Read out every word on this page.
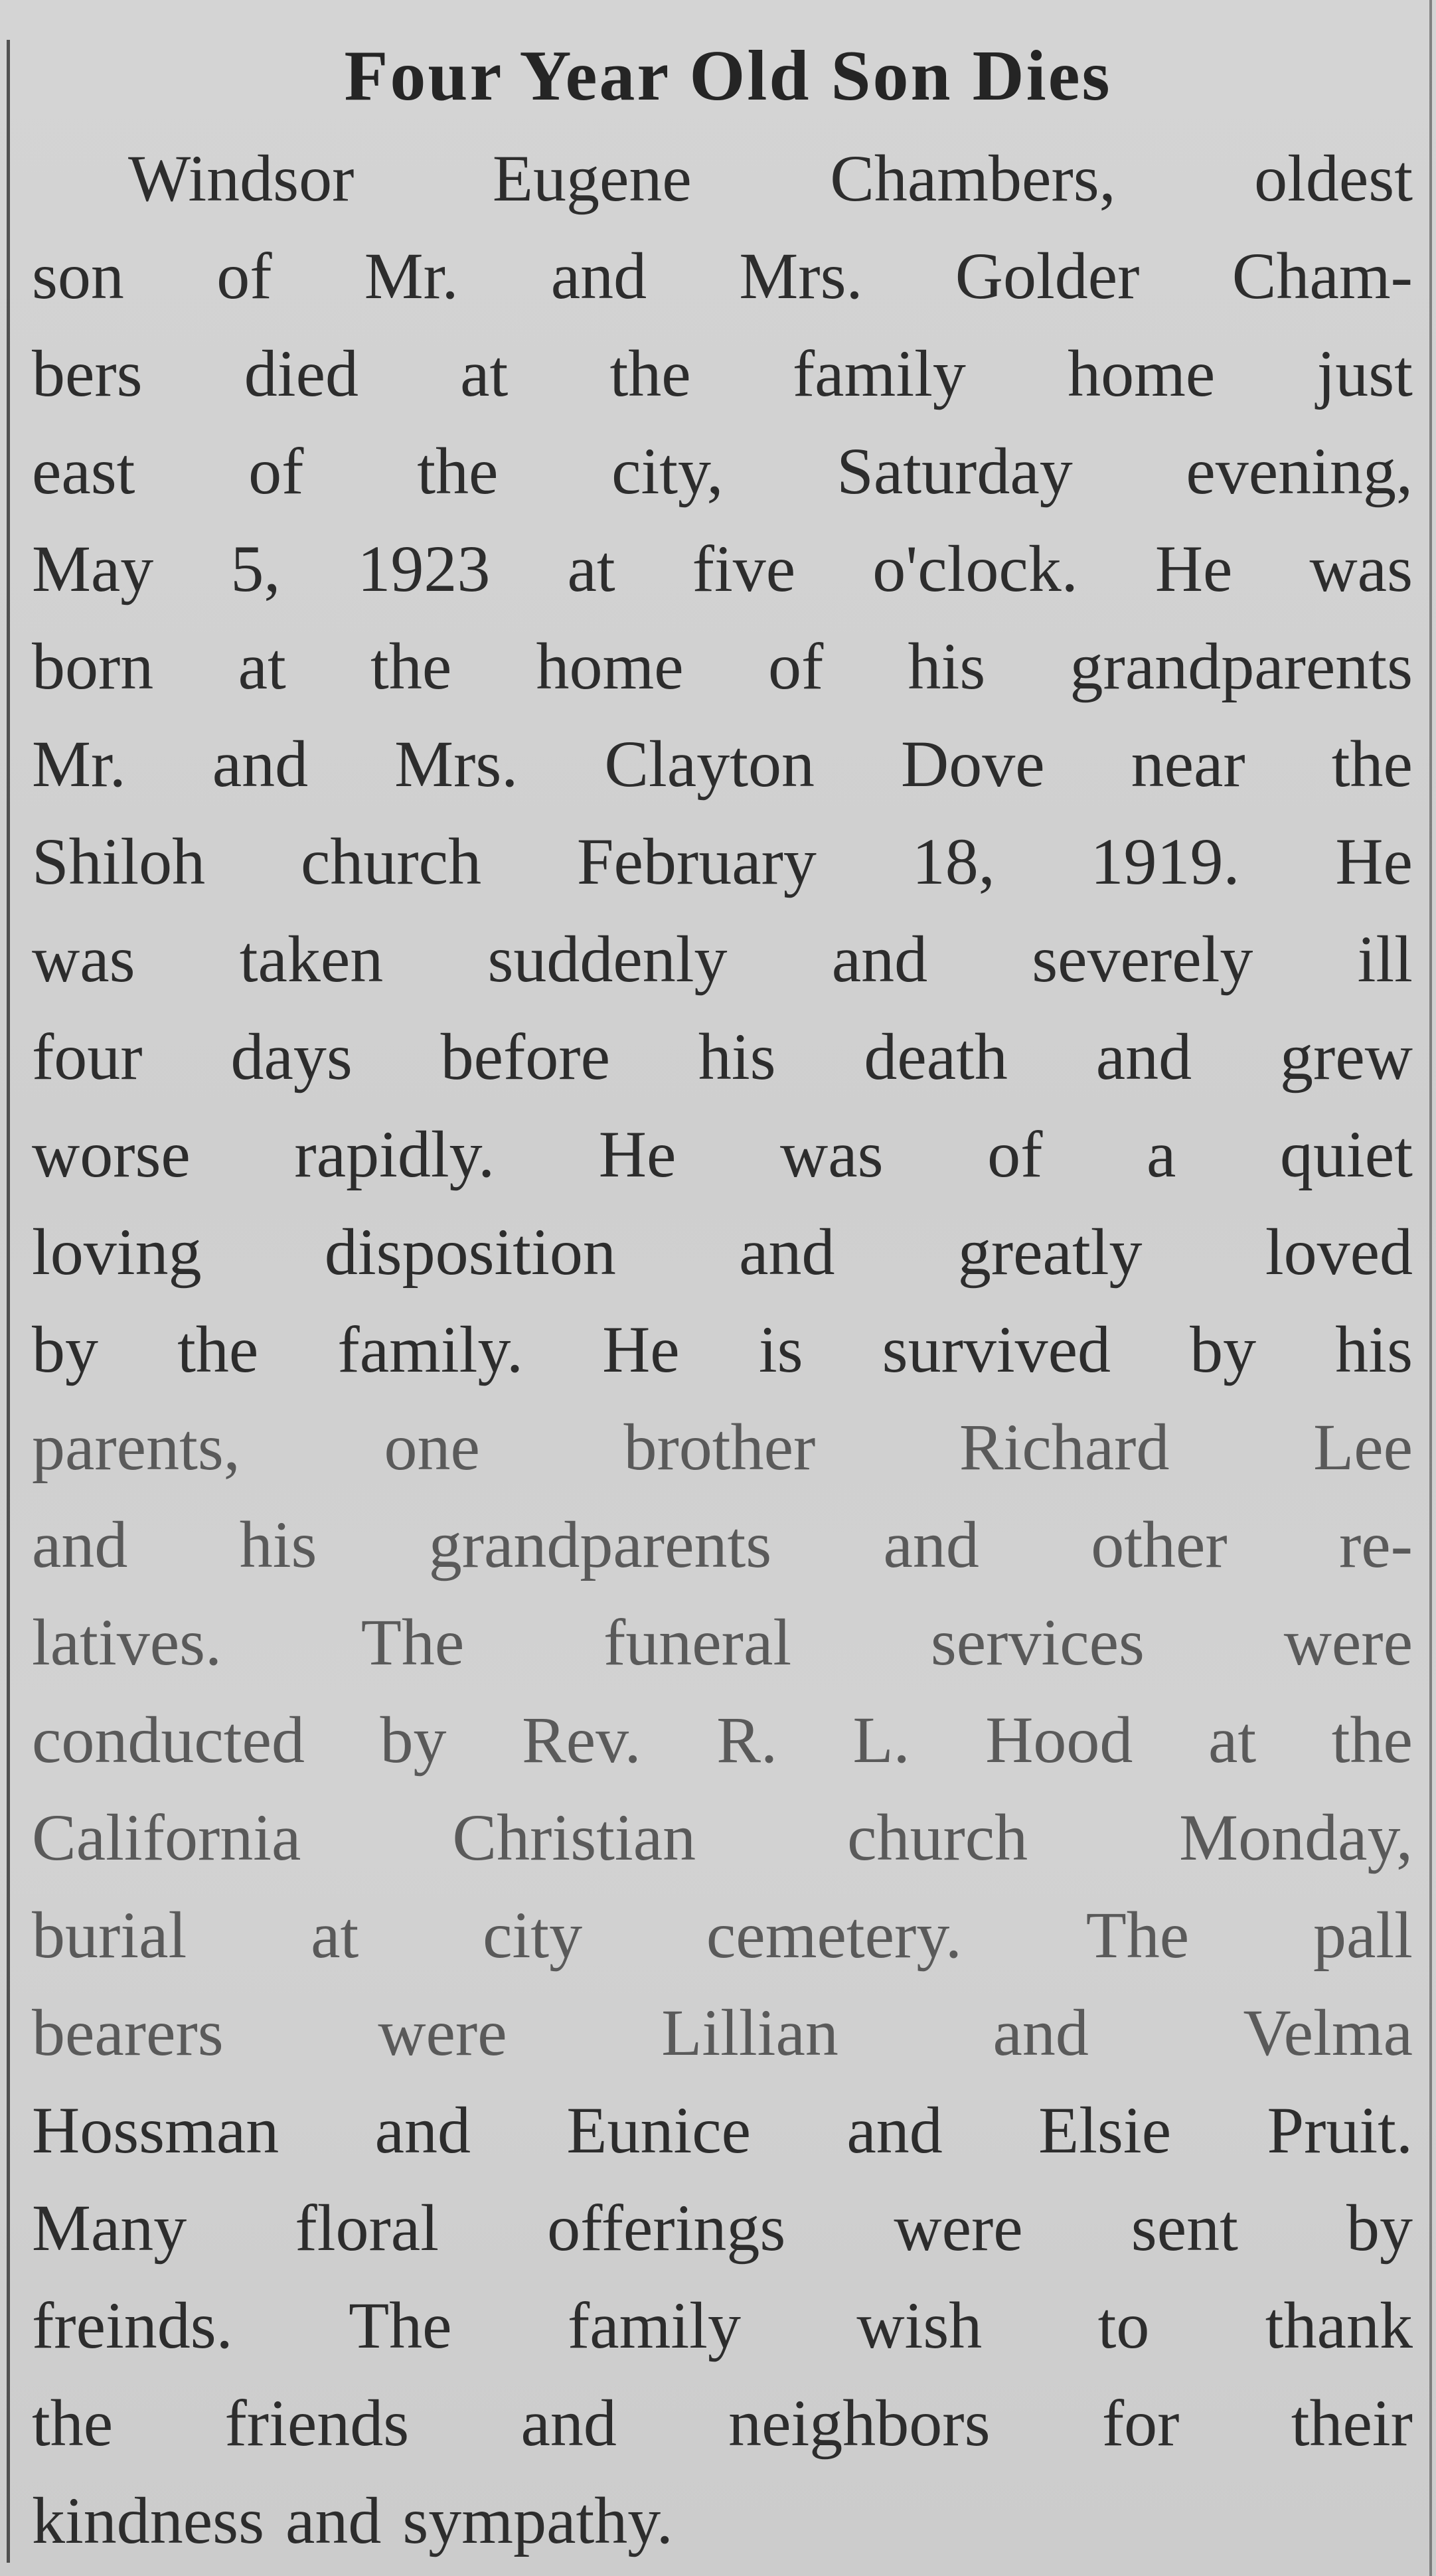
Four Year Old Son Dies
Windsor Eugene Chambers, oldest
son of Mr. and Mrs. Golder Cham-
bers died at the family home just
east of the city, Saturday evening,
May 5, 1923 at five o'clock. He was
born at the home of his grandparents
Mr. and Mrs. Clayton Dove near the
Shiloh church February 18, 1919. He
was taken suddenly and severely ill
four days before his death and grew
worse rapidly. He was of a quiet
loving disposition and greatly loved
by the family. He is survived by his
parents, one brother Richard Lee
and his grandparents and other re-
latives. The funeral services were
conducted by Rev. R. L. Hood at the
California Christian church Monday,
burial at city cemetery. The pall
bearers were Lillian and Velma
Hossman and Eunice and Elsie Pruit.
Many floral offerings were sent by
freinds. The family wish to thank
the friends and neighbors for their
kindness and sympathy.
